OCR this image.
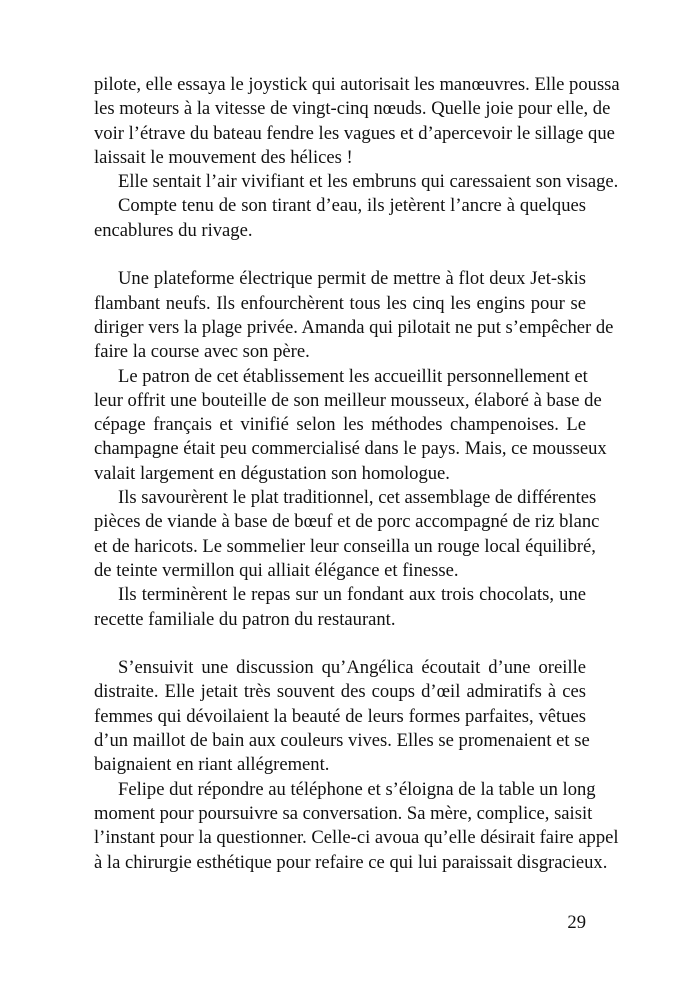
pilote, elle essaya le joystick qui autorisait les manœuvres. Elle poussa
les moteurs à la vitesse de vingt-cinq nœuds. Quelle joie pour elle, de
voir l’étrave du bateau fendre les vagues et d’apercevoir le sillage que
laissait le mouvement des hélices !
Elle sentait l’air vivifiant et les embruns qui caressaient son visage.
Compte tenu de son tirant d’eau, ils jetèrent l’ancre à quelques
encablures du rivage.
Une plateforme électrique permit de mettre à flot deux Jet-skis
flambant neufs. Ils enfourchèrent tous les cinq les engins pour se
diriger vers la plage privée. Amanda qui pilotait ne put s’empêcher de
faire la course avec son père.
Le patron de cet établissement les accueillit personnellement et
leur offrit une bouteille de son meilleur mousseux, élaboré à base de
cépage français et vinifié selon les méthodes champenoises. Le
champagne était peu commercialisé dans le pays. Mais, ce mousseux
valait largement en dégustation son homologue.
Ils savourèrent le plat traditionnel, cet assemblage de différentes
pièces de viande à base de bœuf et de porc accompagné de riz blanc
et de haricots. Le sommelier leur conseilla un rouge local équilibré,
de teinte vermillon qui alliait élégance et finesse.
Ils terminèrent le repas sur un fondant aux trois chocolats, une
recette familiale du patron du restaurant.
S’ensuivit une discussion qu’Angélica écoutait d’une oreille
distraite. Elle jetait très souvent des coups d’œil admiratifs à ces
femmes qui dévoilaient la beauté de leurs formes parfaites, vêtues
d’un maillot de bain aux couleurs vives. Elles se promenaient et se
baignaient en riant allégrement.
Felipe dut répondre au téléphone et s’éloigna de la table un long
moment pour poursuivre sa conversation. Sa mère, complice, saisit
l’instant pour la questionner. Celle-ci avoua qu’elle désirait faire appel
à la chirurgie esthétique pour refaire ce qui lui paraissait disgracieux.
29
